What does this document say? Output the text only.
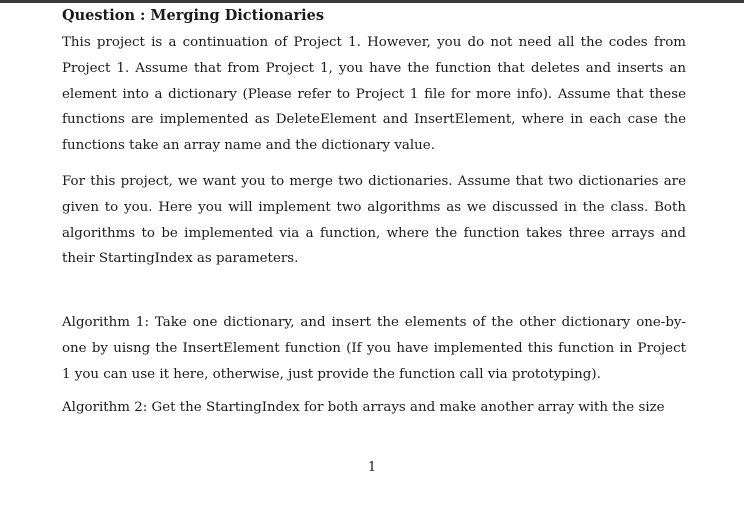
Question : Merging Dictionaries

This project is a continuation of Project 1. However, you do not need all the codes from Project 1. Assume that from Project 1, you have the function that deletes and inserts an element into a dictionary (Please refer to Project 1 file for more info). Assume that these functions are implemented as DeleteElement and InsertElement, where in each case the functions take an array name and the dictionary value.

For this project, we want you to merge two dictionaries. Assume that two dictionaries are given to you. Here you will implement two algorithms as we discussed in the class. Both algorithms to be implemented via a function, where the function takes three arrays and their StartingIndex as parameters.

Algorithm 1: Take one dictionary, and insert the elements of the other dictionary one-by-one by uisng the InsertElement function (If you have implemented this function in Project 1 you can use it here, otherwise, just provide the function call via prototyping).

Algorithm 2: Get the StartingIndex for both arrays and make another array with the size

1
